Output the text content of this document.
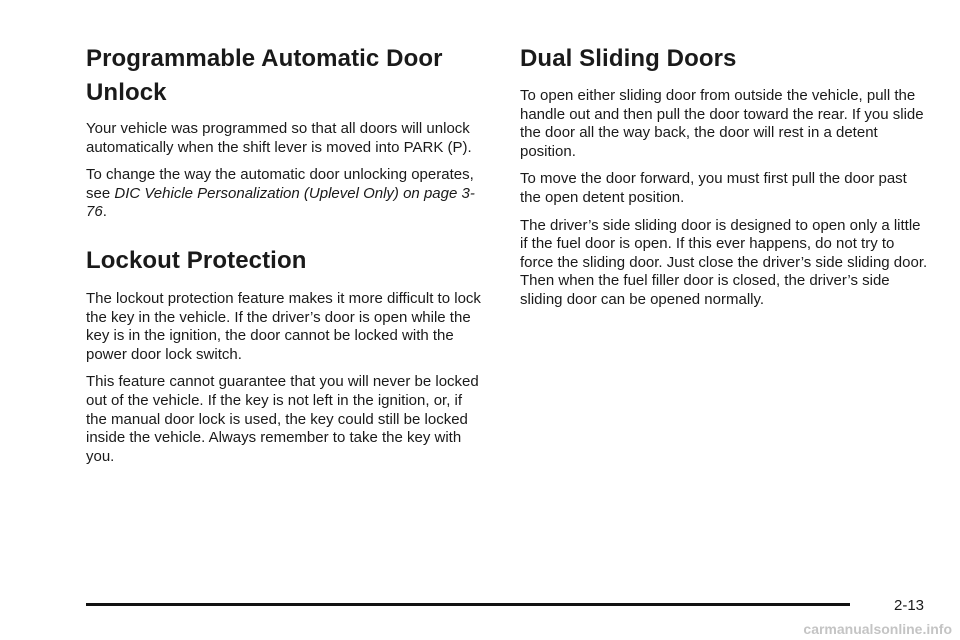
Programmable Automatic Door
Unlock

Your vehicle was programmed so that all doors will unlock automatically when the shift lever is moved into PARK (P).

To change the way the automatic door unlocking operates, see DIC Vehicle Personalization (Uplevel Only) on page 3-76.

Lockout Protection

The lockout protection feature makes it more difficult to lock the key in the vehicle. If the driver’s door is open while the key is in the ignition, the door cannot be locked with the power door lock switch.

This feature cannot guarantee that you will never be locked out of the vehicle. If the key is not left in the ignition, or, if the manual door lock is used, the key could still be locked inside the vehicle. Always remember to take the key with you.

Dual Sliding Doors

To open either sliding door from outside the vehicle, pull the handle out and then pull the door toward the rear. If you slide the door all the way back, the door will rest in a detent position.

To move the door forward, you must first pull the door past the open detent position.

The driver’s side sliding door is designed to open only a little if the fuel door is open. If this ever happens, do not try to force the sliding door. Just close the driver’s side sliding door. Then when the fuel filler door is closed, the driver’s side sliding door can be opened normally.

2-13
carmanualsonline.info
